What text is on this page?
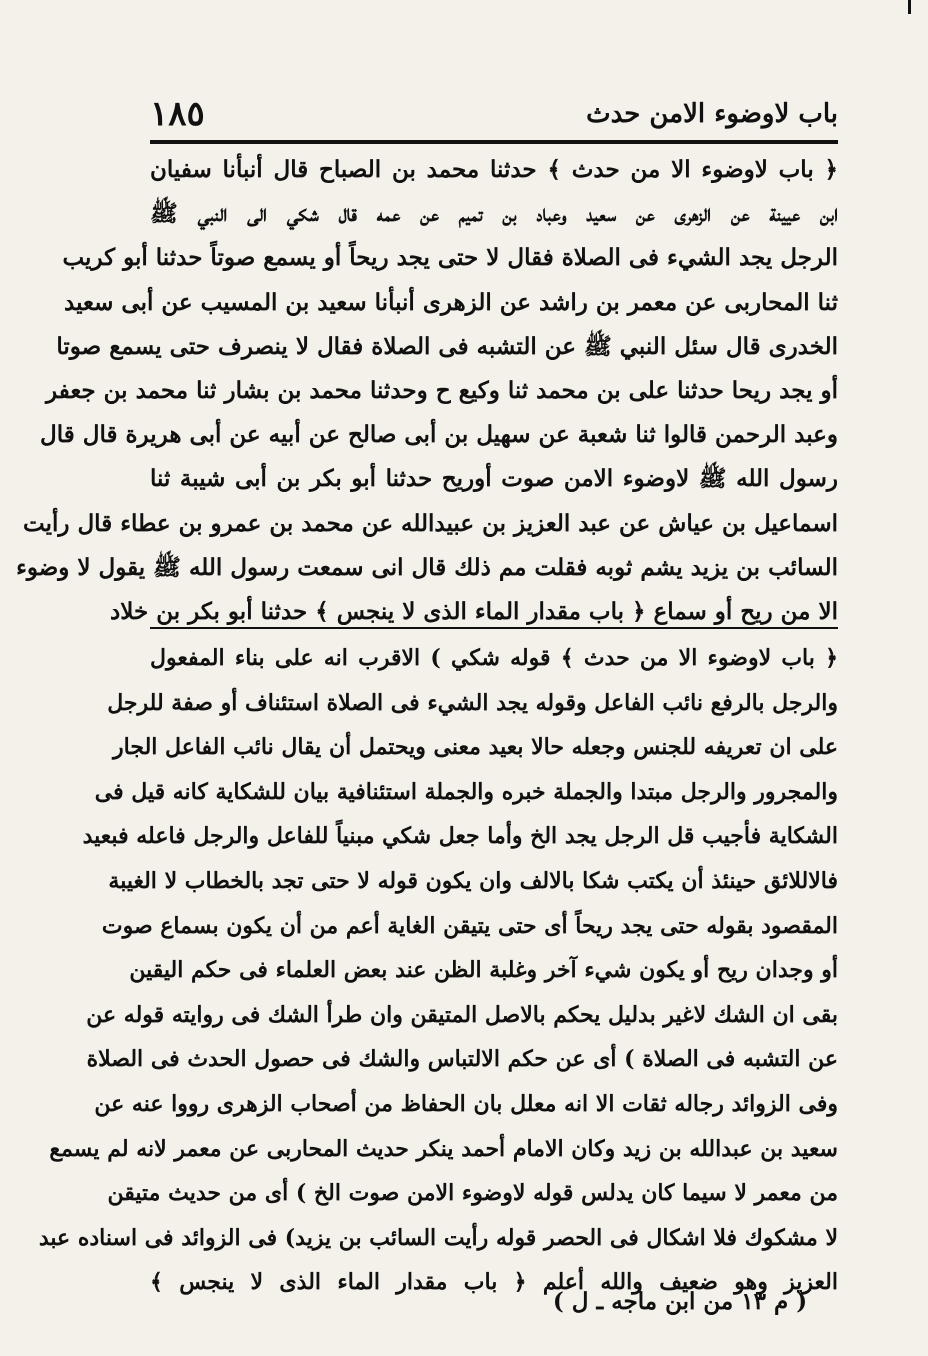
باب لاوضوء الامن حدث
١٨٥
﴿ باب لاوضوء الا من حدث ﴾ حدثنا محمد بن الصباح قال أنبأنا سفيان
ابن عيينة عن الزهرى عن سعيد وعباد بن تميم عن عمه قال شكي الى النبي ﷺ
الرجل يجد الشيء فى الصلاة فقال لا حتى يجد ريحاً أو يسمع صوتاً حدثنا أبو كريب
ثنا المحاربى عن معمر بن راشد عن الزهرى أنبأنا سعيد بن المسيب عن أبى سعيد
الخدرى قال سئل النبي ﷺ عن التشبه فى الصلاة فقال لا ينصرف حتى يسمع صوتا
أو يجد ريحا حدثنا على بن محمد ثنا وكيع ح وحدثنا محمد بن بشار ثنا محمد بن جعفر
وعبد الرحمن قالوا ثنا شعبة عن سهيل بن أبى صالح عن أبيه عن أبى هريرة قال قال
رسول الله ﷺ لاوضوء الامن صوت أوريح حدثنا أبو بكر بن أبى شيبة ثنا
اسماعيل بن عياش عن عبد العزيز بن عبيدالله عن محمد بن عمرو بن عطاء قال رأيت
السائب بن يزيد يشم ثوبه فقلت مم ذلك قال انى سمعت رسول الله ﷺ يقول لا وضوء
الا من ريح أو سماع ﴿ باب مقدار الماء الذى لا ينجس ﴾ حدثنا أبو بكر بن خلاد
﴿ باب لاوضوء الا من حدث ﴾ قوله شكي ) الاقرب انه على بناء المفعول
والرجل بالرفع نائب الفاعل وقوله يجد الشيء فى الصلاة استئناف أو صفة للرجل
على ان تعريفه للجنس وجعله حالا بعيد معنى ويحتمل أن يقال نائب الفاعل الجار
والمجرور والرجل مبتدا والجملة خبره والجملة استئنافية بيان للشكاية كانه قيل فى
الشكاية فأجيب قل الرجل يجد الخ وأما جعل شكي مبنياً للفاعل والرجل فاعله فبعيد
فالاللائق حينئذ أن يكتب شكا بالالف وان يكون قوله لا حتى تجد بالخطاب لا الغيبة
المقصود بقوله حتى يجد ريحاً أى حتى يتيقن الغاية أعم من أن يكون بسماع صوت
أو وجدان ريح أو يكون شيء آخر وغلبة الظن عند بعض العلماء فى حكم اليقين
بقى ان الشك لاغير بدليل يحكم بالاصل المتيقن وان طرأ الشك فى روايته قوله عن
عن التشبه فى الصلاة ) أى عن حكم الالتباس والشك فى حصول الحدث فى الصلاة
وفى الزوائد رجاله ثقات الا انه معلل بان الحفاظ من أصحاب الزهرى رووا عنه عن
سعيد بن عبدالله بن زيد وكان الامام أحمد ينكر حديث المحاربى عن معمر لانه لم يسمع
من معمر لا سيما كان يدلس قوله لاوضوء الامن صوت الخ ) أى من حديث متيقن
لا مشكوك فلا اشكال فى الحصر قوله رأيت السائب بن يزيد) فى الزوائد فى اسناده عبد
العزيز وهو ضعيف والله أعلم ﴿ باب مقدار الماء الذى لا ينجس ﴾
( م ١٣ من ابن ماجه ـ ل )
